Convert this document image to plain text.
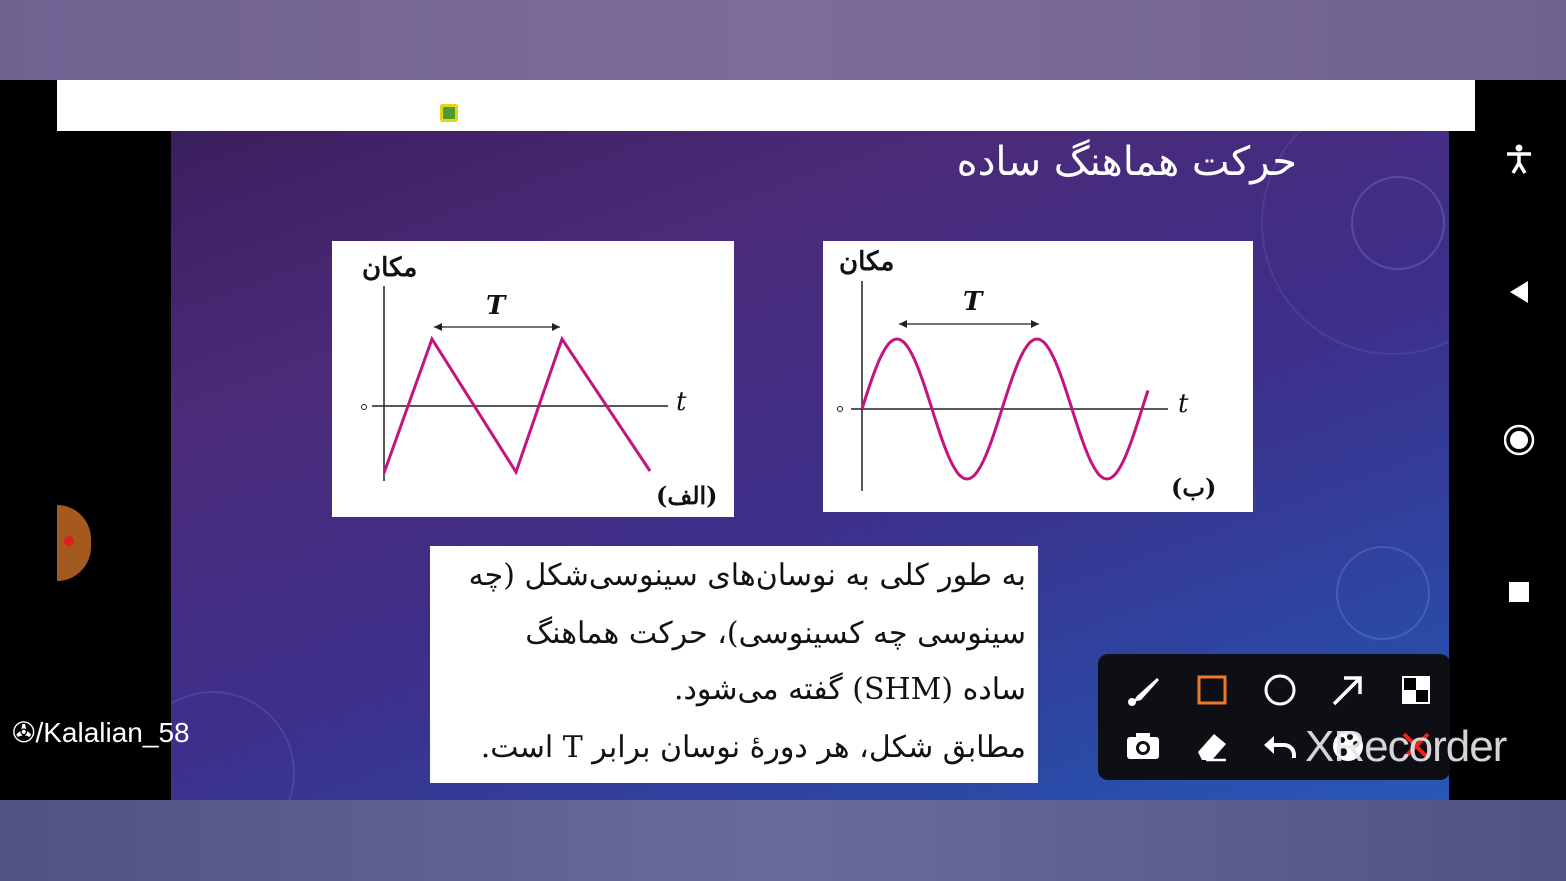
حرکت هماهنگ ساده
مکان
T
t
(الف)
مکان
T
t
(ب)
به طور کلی به نوسان‌های سینوسی‌شکل (چه
سینوسی چه کسینوسی)، حرکت هماهنگ
ساده (SHM) گفته می‌شود.
مطابق شکل، هر دورهٔ نوسان برابر T است.
✇/Kalalian_58	XRecorder
